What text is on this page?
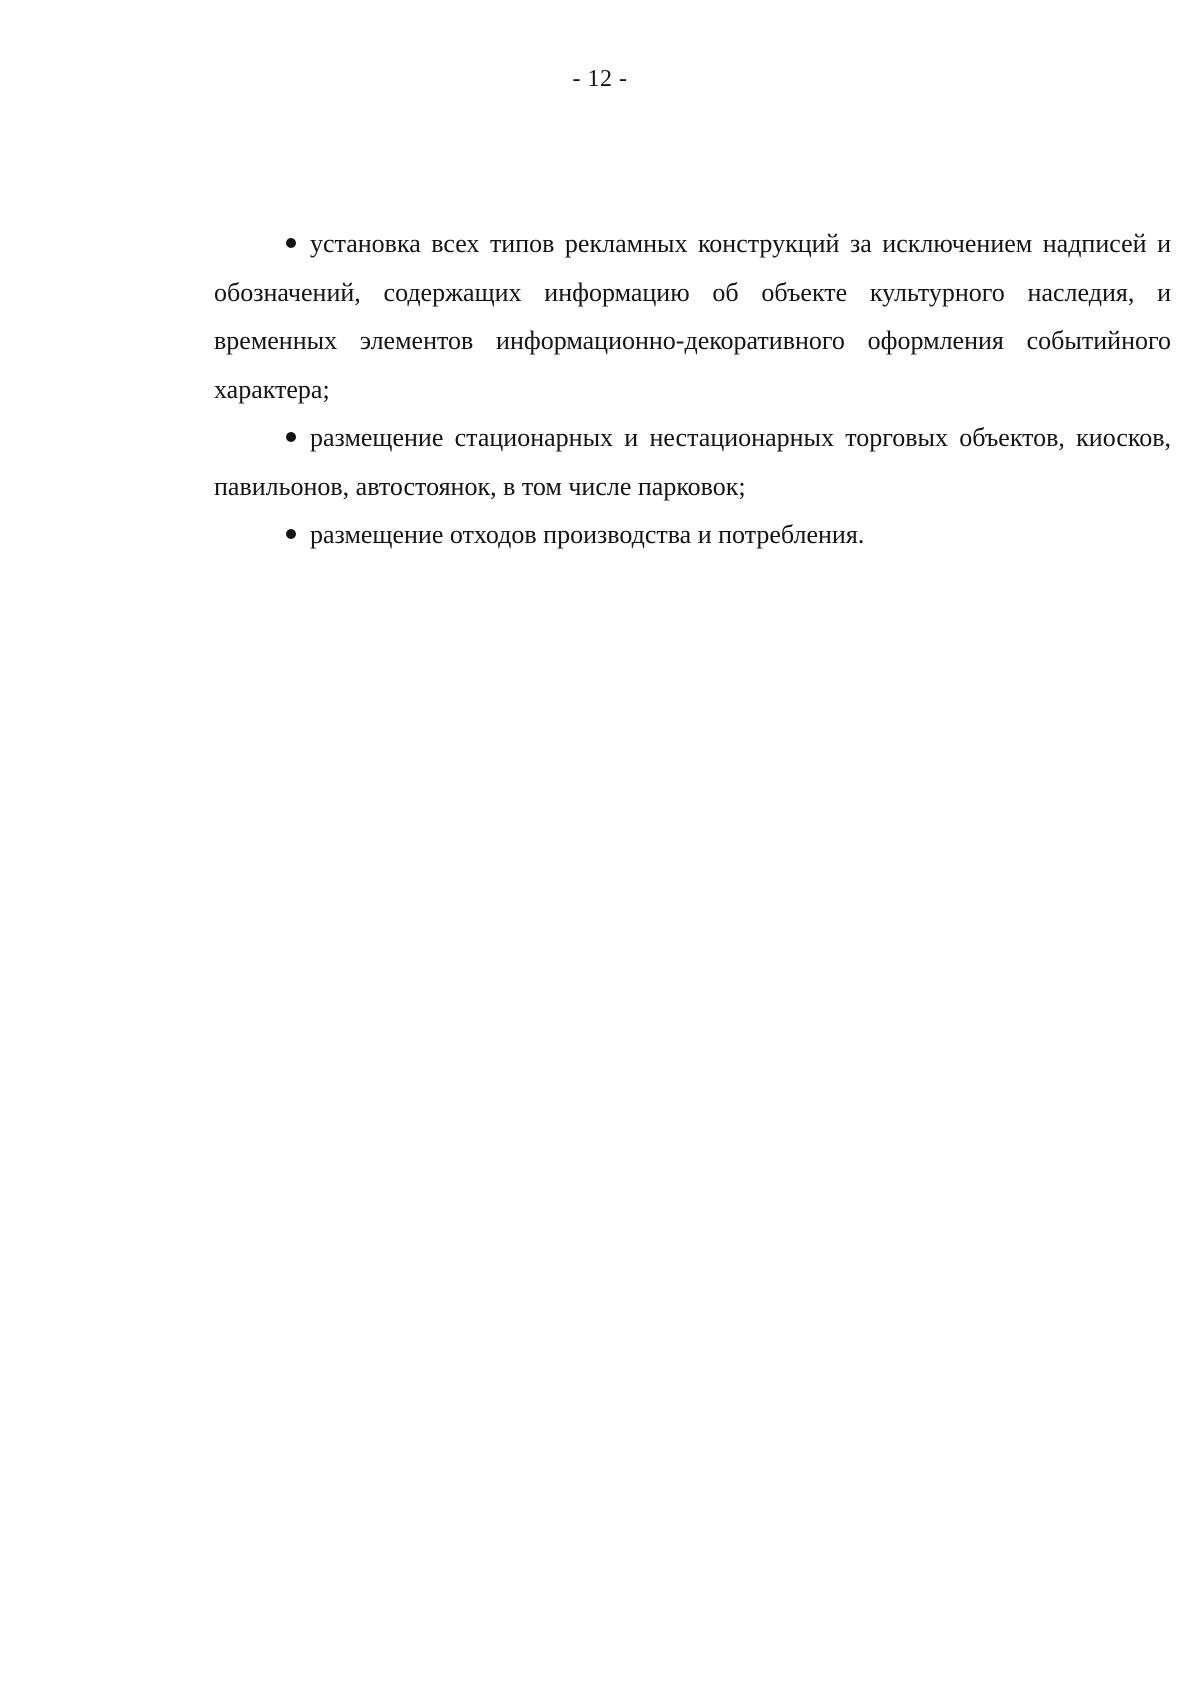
- 12 -

установка всех типов рекламных конструкций за исключением надписей и обозначений, содержащих информацию об объекте культурного наследия, и временных элементов информационно-декоративного оформления событийного характера;

размещение стационарных и нестационарных торговых объектов, киосков, павильонов, автостоянок, в том числе парковок;

размещение отходов производства и потребления.
